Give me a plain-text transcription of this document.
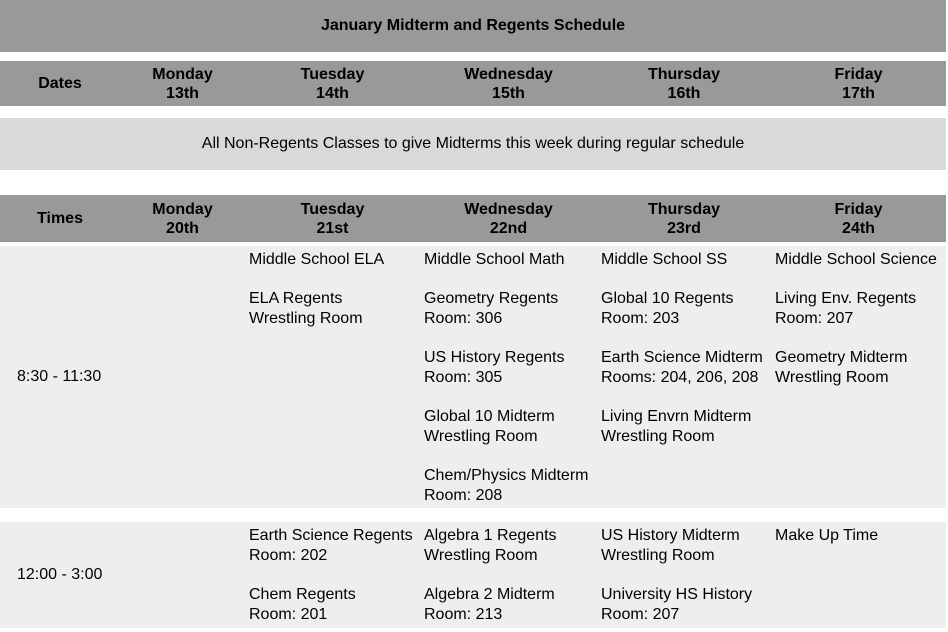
January Midterm and Regents Schedule
Dates
Monday
13th
Tuesday
14th
Wednesday
15th
Thursday
16th
Friday
17th
All Non-Regents Classes to give Midterms this week during regular schedule
Times
Monday
20th
Tuesday
21st
Wednesday
22nd
Thursday
23rd
Friday
24th
8:30 - 11:30
Middle School ELA
ELA Regents
Wrestling Room
Middle School Math
Geometry Regents
Room: 306
US History Regents
Room: 305
Global 10 Midterm
Wrestling Room
Chem/Physics Midterm
Room: 208
Middle School SS
Global 10 Regents
Room: 203
Earth Science Midterm
Rooms: 204, 206, 208
Living Envrn Midterm
Wrestling Room
Middle School Science
Living Env. Regents
Room: 207
Geometry Midterm
Wrestling Room
12:00 - 3:00
Earth Science Regents
Room: 202
Chem Regents
Room: 201
Algebra 1 Regents
Wrestling Room
Algebra 2 Midterm
Room: 213
US History Midterm
Wrestling Room
University HS History
Room: 207
Make Up Time
